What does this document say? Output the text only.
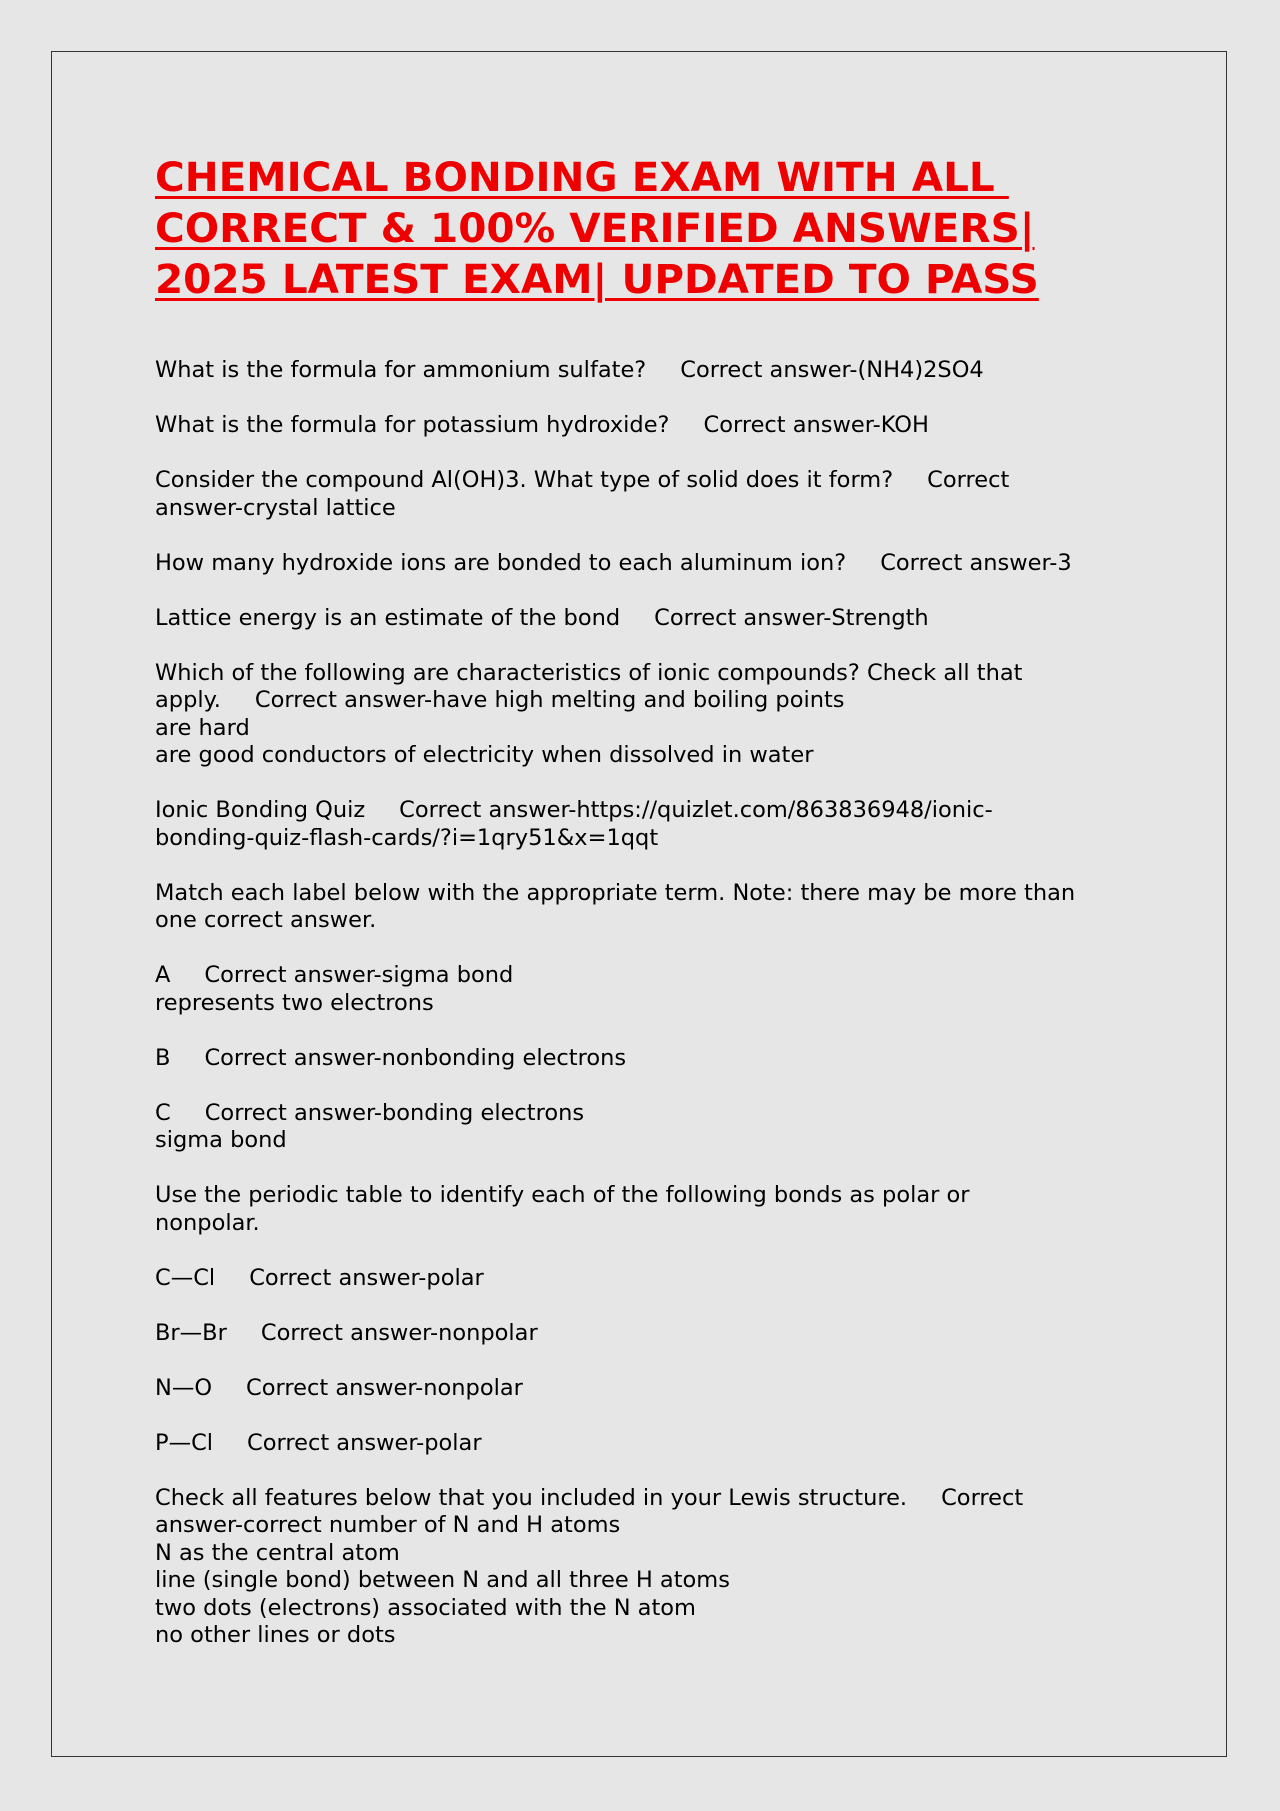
CHEMICAL BONDING EXAM WITH ALL
CORRECT & 100% VERIFIED ANSWERS|
2025 LATEST EXAM| UPDATED TO PASS

What is the formula for ammonium sulfate? Correct answer-(NH4)2SO4

What is the formula for potassium hydroxide? Correct answer-KOH

Consider the compound Al(OH)3. What type of solid does it form? Correct
answer-crystal lattice

How many hydroxide ions are bonded to each aluminum ion? Correct answer-3

Lattice energy is an estimate of the bond Correct answer-Strength

Which of the following are characteristics of ionic compounds? Check all that
apply. Correct answer-have high melting and boiling points
are hard
are good conductors of electricity when dissolved in water

Ionic Bonding Quiz Correct answer-https://quizlet.com/863836948/ionic-
bonding-quiz-flash-cards/?i=1qry51&x=1qqt

Match each label below with the appropriate term. Note: there may be more than
one correct answer.

A Correct answer-sigma bond
represents two electrons

B Correct answer-nonbonding electrons

C Correct answer-bonding electrons
sigma bond

Use the periodic table to identify each of the following bonds as polar or
nonpolar.

C—Cl Correct answer-polar

Br—Br Correct answer-nonpolar

N—O Correct answer-nonpolar

P—Cl Correct answer-polar

Check all features below that you included in your Lewis structure. Correct
answer-correct number of N and H atoms
N as the central atom
line (single bond) between N and all three H atoms
two dots (electrons) associated with the N atom
no other lines or dots
